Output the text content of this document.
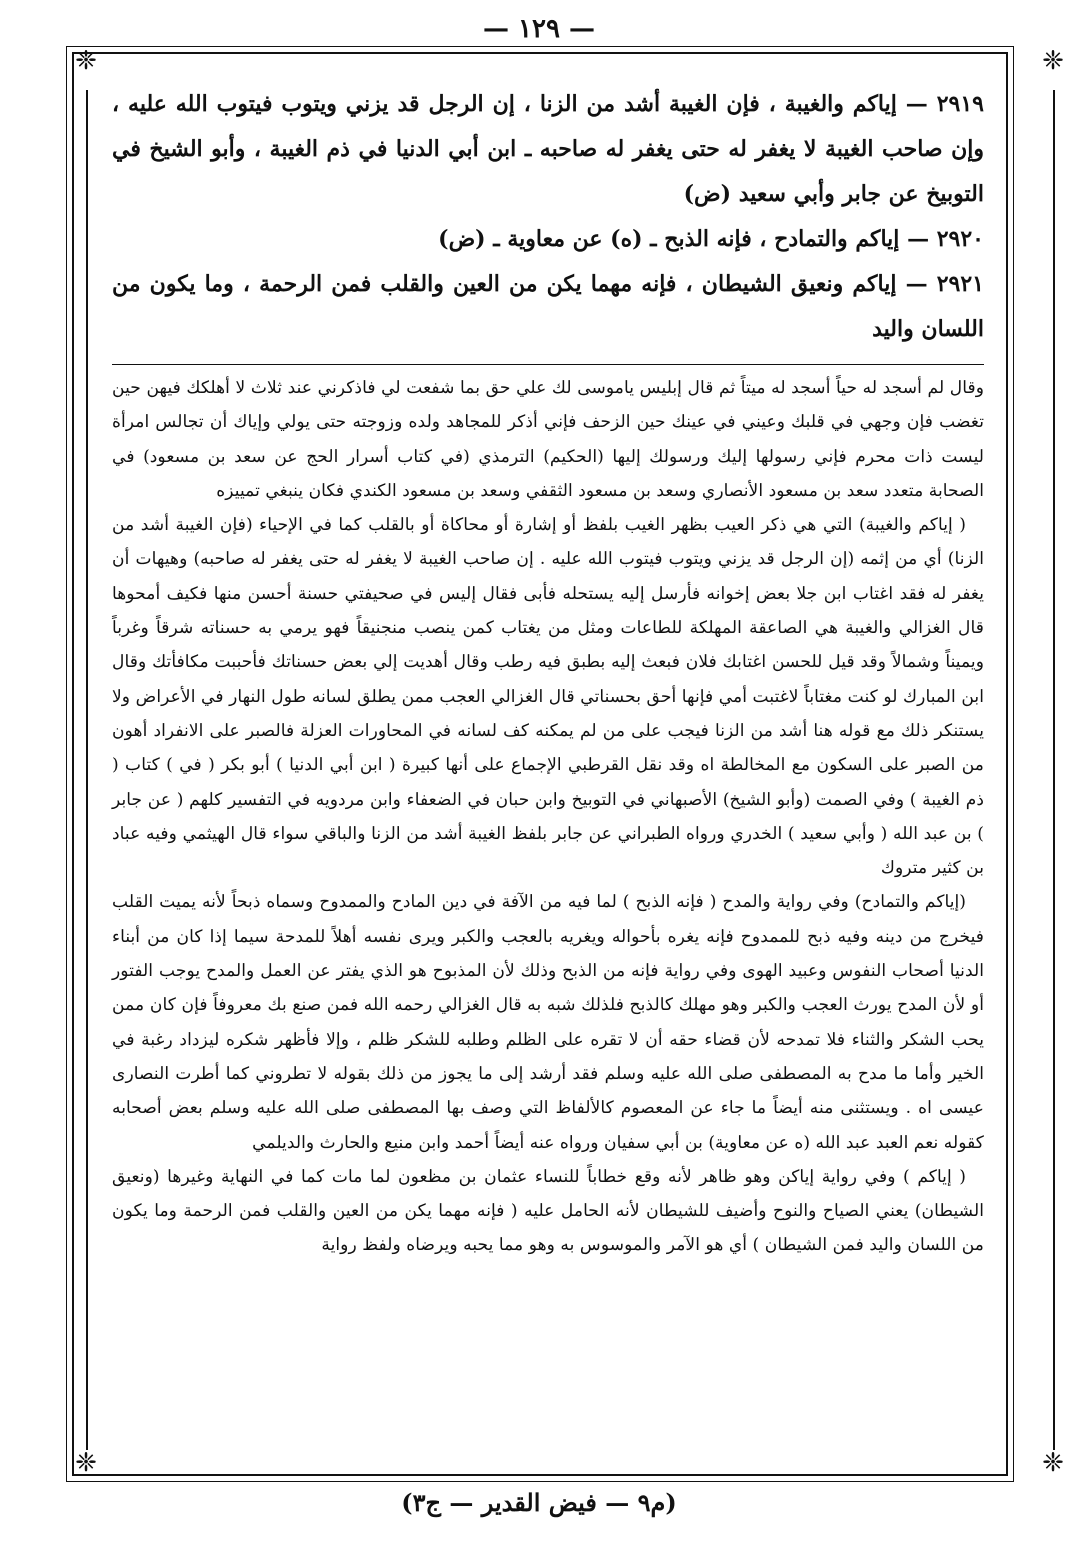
— ١٢٩ —
❈	❈
❈	❈

٢٩١٩ — إياكم والغيبة ، فإن الغيبة أشد من الزنا ، إن الرجل قد يزني ويتوب فيتوب الله عليه ، وإن صاحب الغيبة لا يغفر له حتى يغفر له صاحبه ـ ابن أبي الدنيا في ذم الغيبة ، وأبو الشيخ في التوبيخ عن جابر وأبي سعيد (ض)

٢٩٢٠ — إياكم والتمادح ، فإنه الذبح ـ (ه) عن معاوية ـ (ض)

٢٩٢١ — إياكم ونعيق الشيطان ، فإنه مهما يكن من العين والقلب فمن الرحمة ، وما يكون من اللسان واليد

وقال لم أسجد له حياً أسجد له ميتاً ثم قال إبليس ياموسى لك علي حق بما شفعت لي فاذكرني عند ثلاث لا أهلكك فيهن حين تغضب فإن وجهي في قلبك وعيني في عينك حين الزحف فإني أذكر للمجاهد ولده وزوجته حتى يولي وإياك أن تجالس امرأة ليست ذات محرم فإني رسولها إليك ورسولك إليها (الحكيم) الترمذي (في كتاب أسرار الحج عن سعد بن مسعود) في الصحابة متعدد سعد بن مسعود الأنصاري وسعد بن مسعود الثقفي وسعد بن مسعود الكندي فكان ينبغي تمييزه

( إياكم والغيبة) التي هي ذكر العيب بظهر الغيب بلفظ أو إشارة أو محاكاة أو بالقلب كما في الإحياء (فإن الغيبة أشد من الزنا) أي من إثمه (إن الرجل قد يزني ويتوب فيتوب الله عليه . إن صاحب الغيبة لا يغفر له حتى يغفر له صاحبه) وهيهات أن يغفر له فقد اغتاب ابن جلا بعض إخوانه فأرسل إليه يستحله فأبى فقال إليس في صحيفتي حسنة أحسن منها فكيف أمحوها قال الغزالي والغيبة هي الصاعقة المهلكة للطاعات ومثل من يغتاب كمن ينصب منجنيقاً فهو يرمي به حسناته شرقاً وغرباً ويميناً وشمالاً وقد قيل للحسن اغتابك فلان فبعث إليه بطبق فيه رطب وقال أهديت إلي بعض حسناتك فأحببت مكافأتك وقال ابن المبارك لو كنت مغتاباً لاغتبت أمي فإنها أحق بحسناتي قال الغزالي العجب ممن يطلق لسانه طول النهار في الأعراض ولا يستنكر ذلك مع قوله هنا أشد من الزنا فيجب على من لم يمكنه كف لسانه في المحاورات العزلة فالصبر على الانفراد أهون من الصبر على السكون مع المخالطة اه وقد نقل القرطبي الإجماع على أنها كبيرة ( ابن أبي الدنيا ) أبو بكر ( في ) كتاب ( ذم الغيبة ) وفي الصمت (وأبو الشيخ) الأصبهاني في التوبيخ وابن حبان في الضعفاء وابن مردويه في التفسير كلهم ( عن جابر ) بن عبد الله ( وأبي سعيد ) الخدري ورواه الطبراني عن جابر بلفظ الغيبة أشد من الزنا والباقي سواء قال الهيثمي وفيه عباد بن كثير متروك

(إياكم والتمادح) وفي رواية والمدح ( فإنه الذبح ) لما فيه من الآفة في دين المادح والممدوح وسماه ذبحاً لأنه يميت القلب فيخرج من دينه وفيه ذبح للممدوح فإنه يغره بأحواله ويغريه بالعجب والكبر ويرى نفسه أهلاً للمدحة سيما إذا كان من أبناء الدنيا أصحاب النفوس وعبيد الهوى وفي رواية فإنه من الذبح وذلك لأن المذبوح هو الذي يفتر عن العمل والمدح يوجب الفتور أو لأن المدح يورث العجب والكبر وهو مهلك كالذبح فلذلك شبه به قال الغزالي رحمه الله فمن صنع بك معروفاً فإن كان ممن يحب الشكر والثناء فلا تمدحه لأن قضاء حقه أن لا تقره على الظلم وطلبه للشكر ظلم ، وإلا فأظهر شكره ليزداد رغبة في الخير وأما ما مدح به المصطفى صلى الله عليه وسلم فقد أرشد إلى ما يجوز من ذلك بقوله لا تطروني كما أطرت النصارى عيسى اه . ويستثنى منه أيضاً ما جاء عن المعصوم كالألفاظ التي وصف بها المصطفى صلى الله عليه وسلم بعض أصحابه كقوله نعم العبد عبد الله (ه عن معاوية) بن أبي سفيان ورواه عنه أيضاً أحمد وابن منيع والحارث والديلمي

( إياكم ) وفي رواية إياكن وهو ظاهر لأنه وقع خطاباً للنساء عثمان بن مظعون لما مات كما في النهاية وغيرها (ونعيق الشيطان) يعني الصياح والنوح وأضيف للشيطان لأنه الحامل عليه ( فإنه مهما يكن من العين والقلب فمن الرحمة وما يكون من اللسان واليد فمن الشيطان ) أي هو الآمر والموسوس به وهو مما يحبه ويرضاه ولفظ رواية

(م٩ — فيض القدير — ج٣)
